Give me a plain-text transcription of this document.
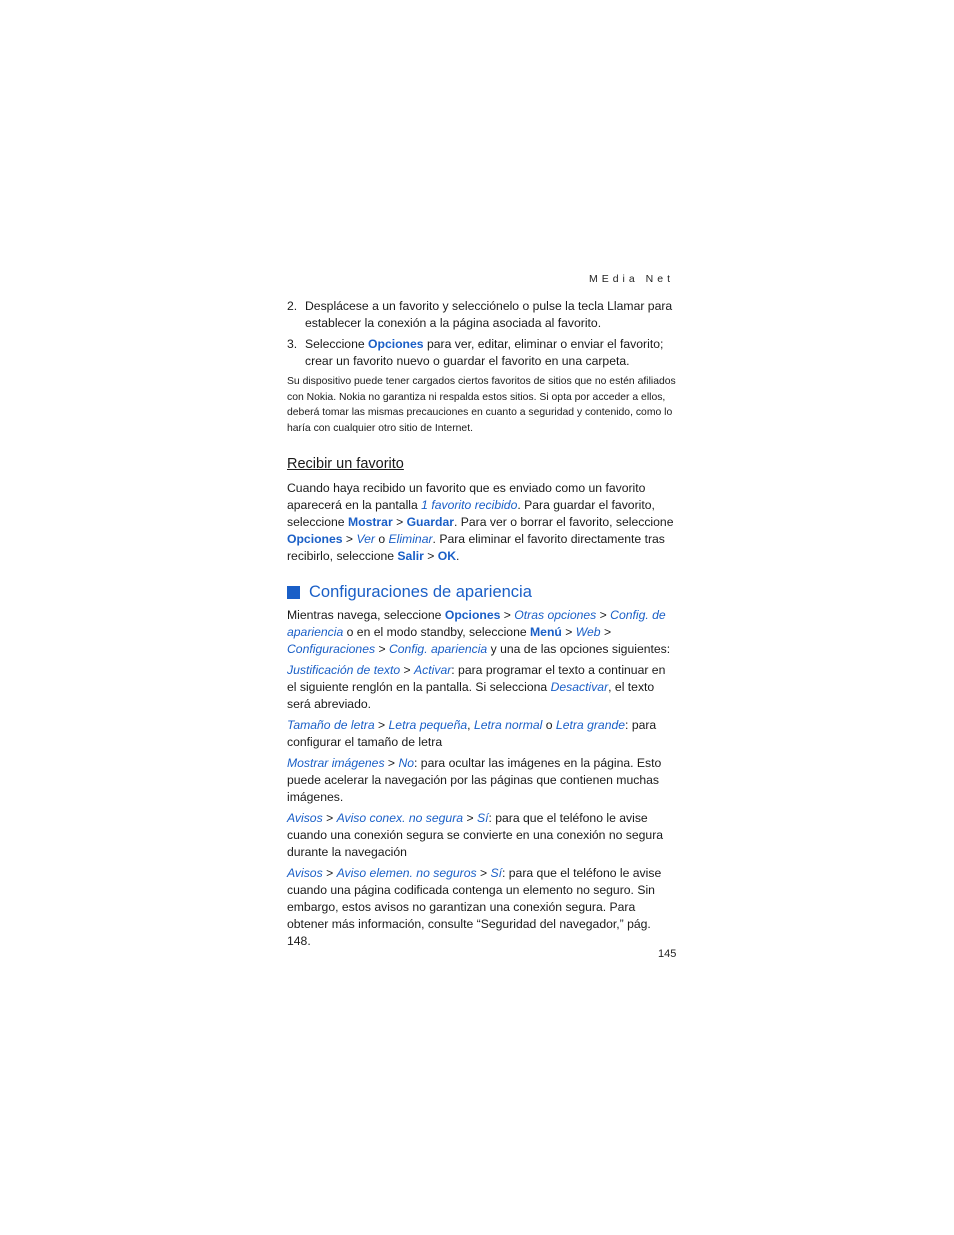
MEdia Net
2. Desplácese a un favorito y selecciónelo o pulse la tecla Llamar para establecer la conexión a la página asociada al favorito.
3. Seleccione Opciones para ver, editar, eliminar o enviar el favorito; crear un favorito nuevo o guardar el favorito en una carpeta.
Su dispositivo puede tener cargados ciertos favoritos de sitios que no estén afiliados con Nokia. Nokia no garantiza ni respalda estos sitios. Si opta por acceder a ellos, deberá tomar las mismas precauciones en cuanto a seguridad y contenido, como lo haría con cualquier otro sitio de Internet.
Recibir un favorito

Cuando haya recibido un favorito que es enviado como un favorito aparecerá en la pantalla 1 favorito recibido. Para guardar el favorito, seleccione Mostrar > Guardar. Para ver o borrar el favorito, seleccione Opciones > Ver o Eliminar. Para eliminar el favorito directamente tras recibirlo, seleccione Salir > OK.

Configuraciones de apariencia

Mientras navega, seleccione Opciones > Otras opciones > Config. de apariencia o en el modo standby, seleccione Menú > Web > Configuraciones > Config. apariencia y una de las opciones siguientes:

Justificación de texto > Activar: para programar el texto a continuar en el siguiente renglón en la pantalla. Si selecciona Desactivar, el texto será abreviado.

Tamaño de letra > Letra pequeña, Letra normal o Letra grande: para configurar el tamaño de letra

Mostrar imágenes > No: para ocultar las imágenes en la página. Esto puede acelerar la navegación por las páginas que contienen muchas imágenes.

Avisos > Aviso conex. no segura > Sí: para que el teléfono le avise cuando una conexión segura se convierte en una conexión no segura durante la navegación

Avisos > Aviso elemen. no seguros > Sí: para que el teléfono le avise cuando una página codificada contenga un elemento no seguro. Sin embargo, estos avisos no garantizan una conexión segura. Para obtener más información, consulte “Seguridad del navegador,” pág. 148.

145
